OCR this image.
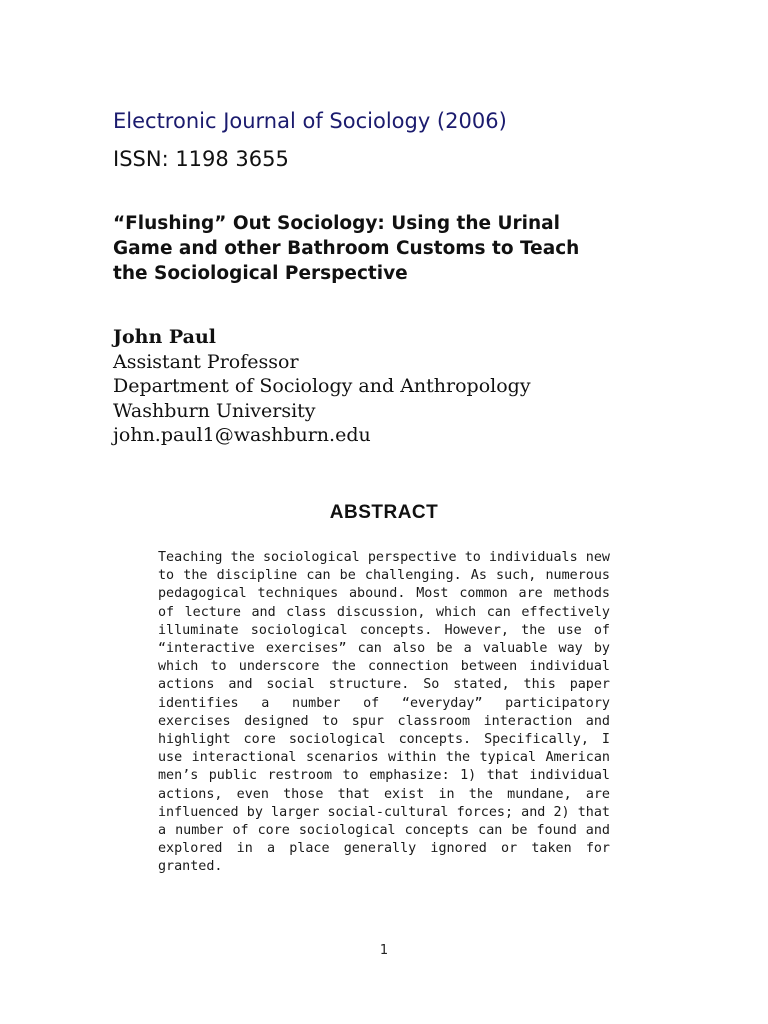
Electronic Journal of Sociology (2006)
ISSN: 1198 3655
“Flushing” Out Sociology: Using the Urinal
Game and other Bathroom Customs to Teach
the Sociological Perspective
John Paul
Assistant Professor
Department of Sociology and Anthropology
Washburn University
john.paul1@washburn.edu
ABSTRACT
Teaching the sociological perspective to individuals new to the discipline can be challenging. As such, numerous pedagogical techniques abound. Most common are methods of lecture and class discussion, which can effectively illuminate sociological concepts. However, the use of “interactive exercises” can also be a valuable way by which to underscore the connection between individual actions and social structure. So stated, this paper identifies a number of “everyday” participatory exercises designed to spur classroom interaction and highlight core sociological concepts. Specifically, I use interactional scenarios within the typical American men’s public restroom to emphasize: 1) that individual actions, even those that exist in the mundane, are influenced by larger social-cultural forces; and 2) that a number of core sociological concepts can be found and explored in a place generally ignored or taken for granted.
1
